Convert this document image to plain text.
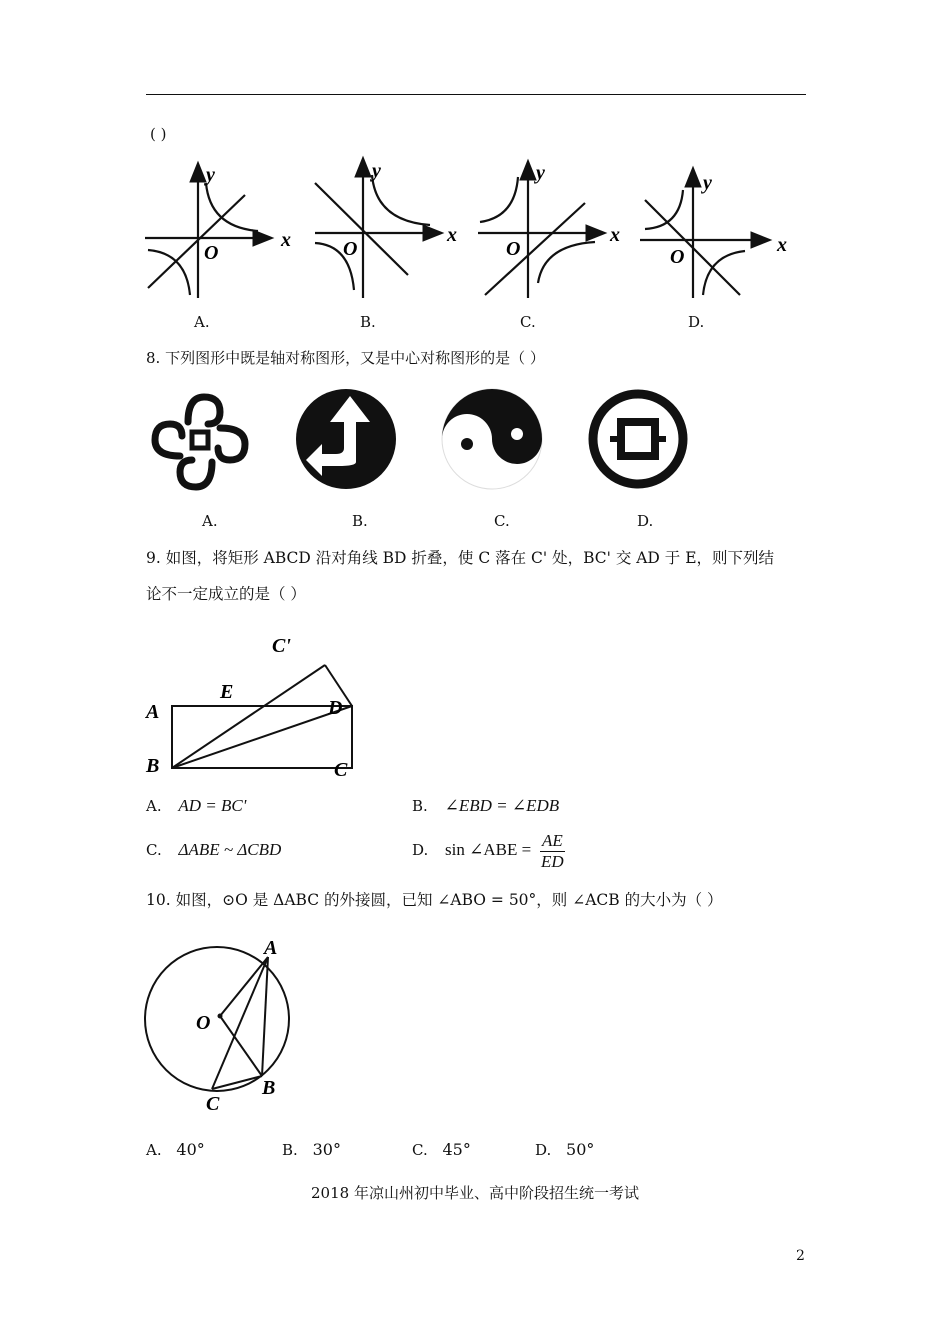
( )
y
x
O
y
x
O
y
x
O
y
x
O
A.	B.	C.	D.
8. 下列图形中既是轴对称图形，又是中心对称图形的是（ ）
A.	B.	C.	D.
9. 如图，将矩形 ABCD 沿对角线 BD 折叠，使 C 落在 C' 处，BC' 交 AD 于 E，则下列结
论不一定成立的是（ ）
A
B	C
D
E
C'
A. AD = BC'	B. ∠EBD = ∠EDB
C. ΔABE ~ ΔCBD	D. sin ∠ABE = $\frac{AE}{ED}$
10. 如图，⊙O 是 ΔABC 的外接圆，已知 ∠ABO = 50°，则 ∠ACB 的大小为（ ）
A
B
C
O
A. 40°	B. 30°	C. 45°	D. 50°
2018 年凉山州初中毕业、高中阶段招生统一考试
2
